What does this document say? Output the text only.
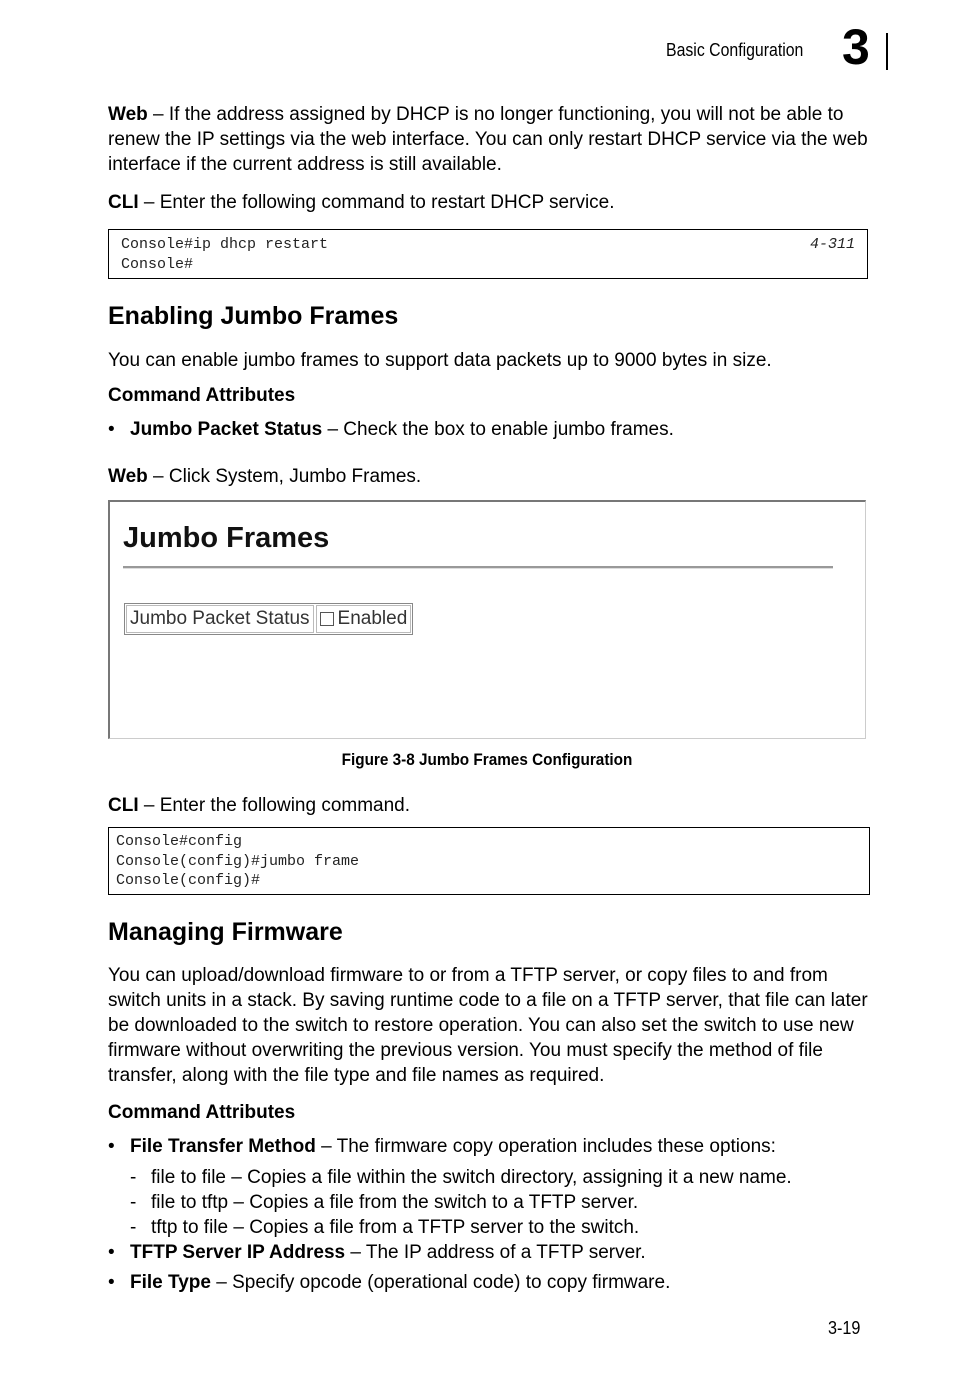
Basic Configuration 3
Web – If the address assigned by DHCP is no longer functioning, you will not be able to renew the IP settings via the web interface. You can only restart DHCP service via the web interface if the current address is still available.
CLI – Enter the following command to restart DHCP service.
Console#ip dhcp restart
Console#
4-311
Enabling Jumbo Frames
You can enable jumbo frames to support data packets up to 9000 bytes in size.
Command Attributes
• Jumbo Packet Status – Check the box to enable jumbo frames.
Web – Click System, Jumbo Frames.
Jumbo Frames
Jumbo Packet Status Enabled
Figure 3-8 Jumbo Frames Configuration
CLI – Enter the following command.
Console#config
Console(config)#jumbo frame
Console(config)#
Managing Firmware
You can upload/download firmware to or from a TFTP server, or copy files to and from switch units in a stack. By saving runtime code to a file on a TFTP server, that file can later be downloaded to the switch to restore operation. You can also set the switch to use new firmware without overwriting the previous version. You must specify the method of file transfer, along with the file type and file names as required.
Command Attributes
• File Transfer Method – The firmware copy operation includes these options:
- file to file – Copies a file within the switch directory, assigning it a new name.
- file to tftp – Copies a file from the switch to a TFTP server.
- tftp to file – Copies a file from a TFTP server to the switch.
• TFTP Server IP Address – The IP address of a TFTP server.
• File Type – Specify opcode (operational code) to copy firmware.
3-19
